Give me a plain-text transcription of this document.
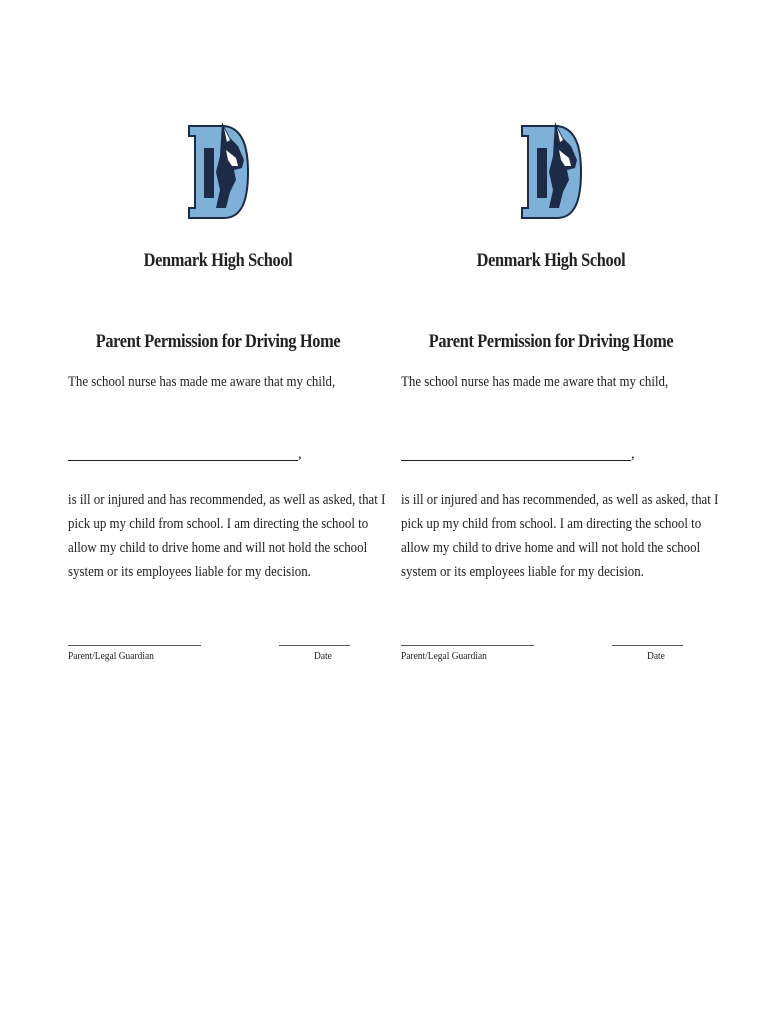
Denmark High School
Parent Permission for Driving Home
The school nurse has made me aware that my child,
,
is ill or injured and has recommended, as well as asked, that I
pick up my child from school. I am directing the school to
allow my child to drive home and will not hold the school
system or its employees liable for my decision.
Parent/Legal Guardian	Date
Denmark High School
Parent Permission for Driving Home
The school nurse has made me aware that my child,
,
is ill or injured and has recommended, as well as asked, that I
pick up my child from school. I am directing the school to
allow my child to drive home and will not hold the school
system or its employees liable for my decision.
Parent/Legal Guardian	Date
